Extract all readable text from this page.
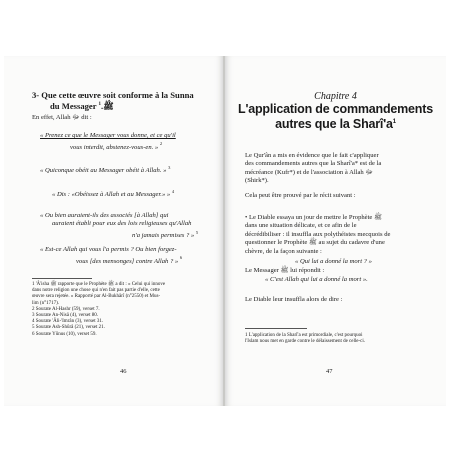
3- Que cette œuvre soit conforme à la Sunna
du Messager ﷺ.$^1$
En effet, Allah ﷻ dit :
« Prenez ce que le Messager vous donne, et ce qu'il
vous interdit, abstenez-vous-en. » $^2$
« Quiconque obéit au Messager obéit à Allah. » $^3$
« Dis : «Obéissez à Allah et au Messager.» » $^4$
« Ou bien auraient-ils des associés [à Allah] qui
auraient établi pour eux des lois religieuses qu'Allah
n'a jamais permises ? » $^5$
« Est-ce Allah qui vous l'a permis ? Ou bien forgez-
vous [des mensonges] contre Allah ? » $^6$
1 'Â'isha ﷺ rapporte que le Prophète ﷺ a dit : « Celui qui innove
dans notre religion une chose qui n'en fait pas partie d'elle, cette
œuvre sera rejetée. » Rapporté par Al-Bukhârî (n°2550) et Mus-
lim (n°1717).
2 Sourate Al-Hashr (59), verset 7.
3 Sourate An-Nisâ (4), verset 80.
4 Sourate 'Âli-'Imrân (3), verset 31.
5 Sourate Ash-Shûrâ (21), verset 21.
6 Sourate Yûnus (10), verset 59.
46
Chapitre 4
L'application de commandements
autres que la $Sharî'a^1$
Le Qur'ân a mis en évidence que le fait c'appliquer
des commandements autres que la Sharî'a* est de la
mécréance (Kufr*) et de l'association à Allah ﷻ
(Shirk*).
Cela peut être prouvé par le récit suivant :
• Le Diable essaya un jour de mettre le Prophète ﷺ
dans une situation délicate, et ce afin de le
décrédibiliser : il insuffla aux polythéistes mecquois de
questionner le Prophète ﷺ au sujet du cadavre d'une
chèvre, de la façon suivante :
« Qui lui a donné la mort ? »
Le Messager ﷺ lui répondit :
« C'est Allah qui lui a donné la mort ».
Le Diable leur insuffla alors de dire :
1 L'application de la Sharî'a est primordiale, c'est pourquoi
l'Islam nous met en garde contre le délaissement de celle-ci.
47
